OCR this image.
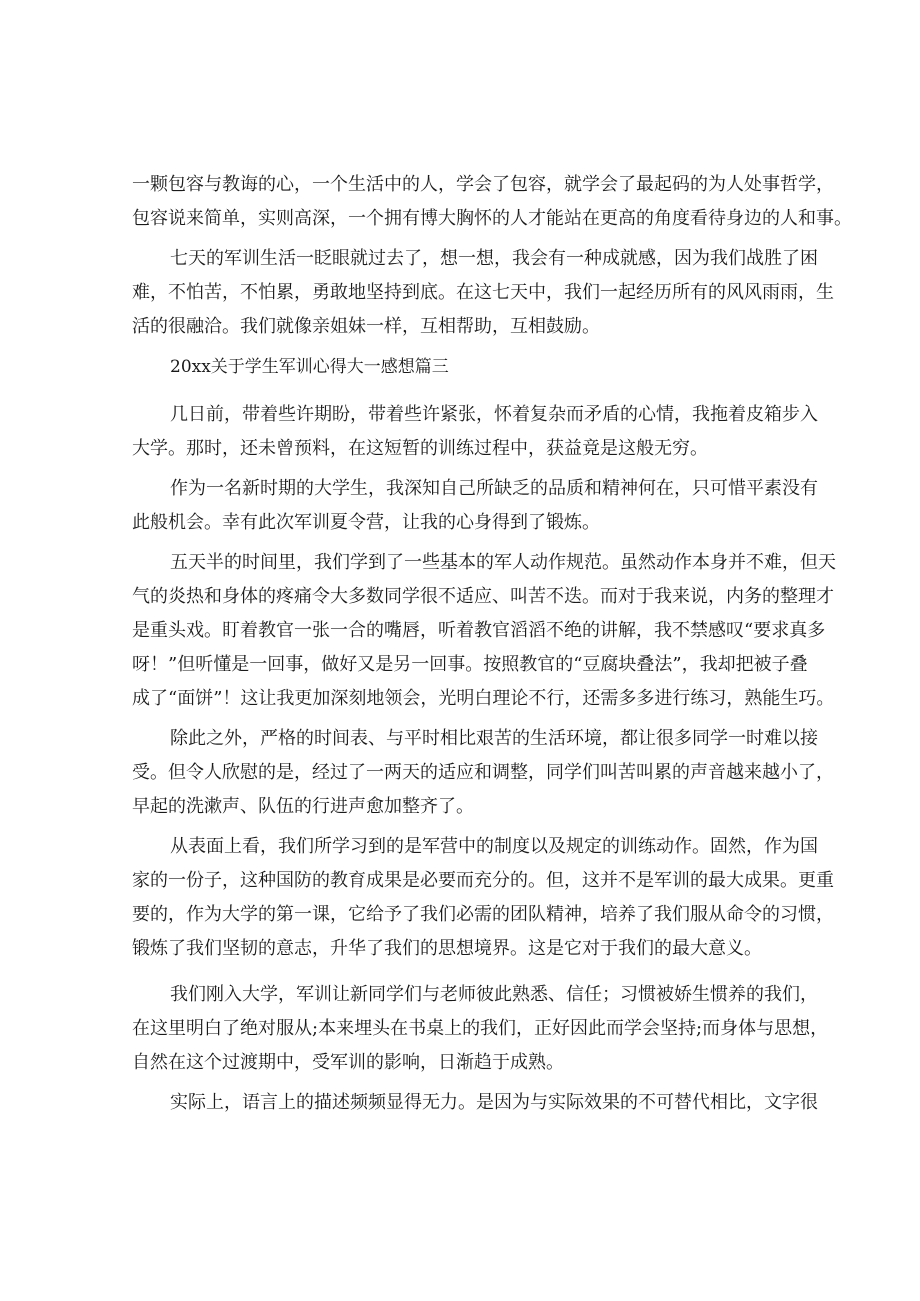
一颗包容与教诲的心，一个生活中的人，学会了包容，就学会了最起码的为人处事哲学，
包容说来简单，实则高深，一个拥有博大胸怀的人才能站在更高的角度看待身边的人和事。
七天的军训生活一眨眼就过去了，想一想，我会有一种成就感，因为我们战胜了困
难，不怕苦，不怕累，勇敢地坚持到底。在这七天中，我们一起经历所有的风风雨雨，生
活的很融洽。我们就像亲姐妹一样，互相帮助，互相鼓励。
20xx关于学生军训心得大一感想篇三
几日前，带着些许期盼，带着些许紧张，怀着复杂而矛盾的心情，我拖着皮箱步入
大学。那时，还未曾预料，在这短暂的训练过程中，获益竟是这般无穷。
作为一名新时期的大学生，我深知自己所缺乏的品质和精神何在，只可惜平素没有
此般机会。幸有此次军训夏令营，让我的心身得到了锻炼。
五天半的时间里，我们学到了一些基本的军人动作规范。虽然动作本身并不难，但天
气的炎热和身体的疼痛令大多数同学很不适应、叫苦不迭。而对于我来说，内务的整理才
是重头戏。盯着教官一张一合的嘴唇，听着教官滔滔不绝的讲解，我不禁感叹“要求真多
呀！”但听懂是一回事，做好又是另一回事。按照教官的“豆腐块叠法”，我却把被子叠
成了“面饼”！这让我更加深刻地领会，光明白理论不行，还需多多进行练习，熟能生巧。
除此之外，严格的时间表、与平时相比艰苦的生活环境，都让很多同学一时难以接
受。但令人欣慰的是，经过了一两天的适应和调整，同学们叫苦叫累的声音越来越小了，
早起的洗漱声、队伍的行进声愈加整齐了。
从表面上看，我们所学习到的是军营中的制度以及规定的训练动作。固然，作为国
家的一份子，这种国防的教育成果是必要而充分的。但，这并不是军训的最大成果。更重
要的，作为大学的第一课，它给予了我们必需的团队精神，培养了我们服从命令的习惯，
锻炼了我们坚韧的意志，升华了我们的思想境界。这是它对于我们的最大意义。
我们刚入大学，军训让新同学们与老师彼此熟悉、信任；习惯被娇生惯养的我们，
在这里明白了绝对服从;本来埋头在书桌上的我们，正好因此而学会坚持;而身体与思想，
自然在这个过渡期中，受军训的影响，日渐趋于成熟。
实际上，语言上的描述频频显得无力。是因为与实际效果的不可替代相比，文字很
